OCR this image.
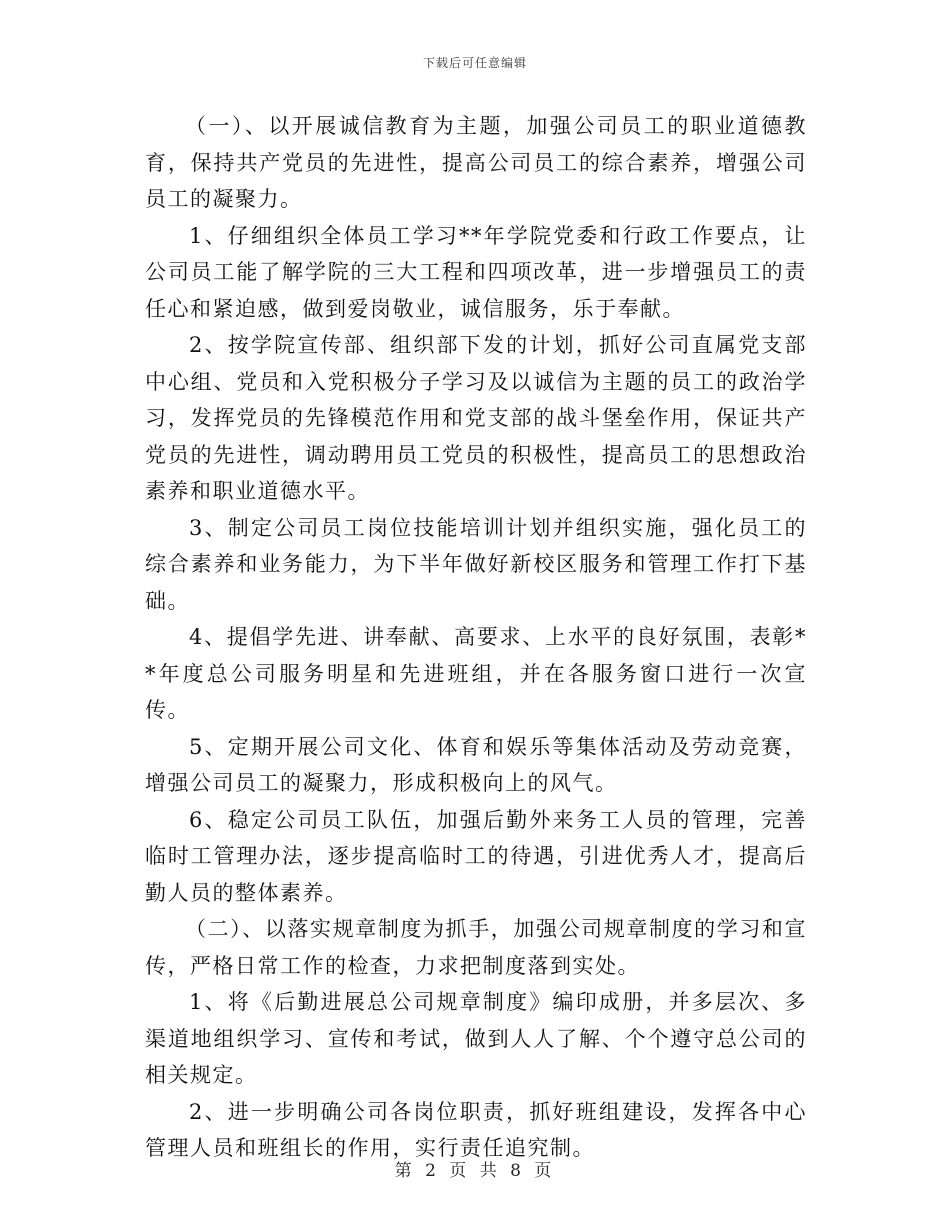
下载后可任意编辑

（一）、以开展诚信教育为主题，加强公司员工的职业道德教育，保持共产党员的先进性，提高公司员工的综合素养，增强公司员工的凝聚力。

1、仔细组织全体员工学习**年学院党委和行政工作要点，让公司员工能了解学院的三大工程和四项改革，进一步增强员工的责任心和紧迫感，做到爱岗敬业，诚信服务，乐于奉献。

2、按学院宣传部、组织部下发的计划，抓好公司直属党支部中心组、党员和入党积极分子学习及以诚信为主题的员工的政治学习，发挥党员的先锋模范作用和党支部的战斗堡垒作用，保证共产党员的先进性，调动聘用员工党员的积极性，提高员工的思想政治素养和职业道德水平。

3、制定公司员工岗位技能培训计划并组织实施，强化员工的综合素养和业务能力，为下半年做好新校区服务和管理工作打下基础。

4、提倡学先进、讲奉献、高要求、上水平的良好氛围，表彰**年度总公司服务明星和先进班组，并在各服务窗口进行一次宣传。

5、定期开展公司文化、体育和娱乐等集体活动及劳动竞赛，增强公司员工的凝聚力，形成积极向上的风气。

6、稳定公司员工队伍，加强后勤外来务工人员的管理，完善临时工管理办法，逐步提高临时工的待遇，引进优秀人才，提高后勤人员的整体素养。

（二）、以落实规章制度为抓手，加强公司规章制度的学习和宣传，严格日常工作的检查，力求把制度落到实处。

1、将《后勤进展总公司规章制度》编印成册，并多层次、多渠道地组织学习、宣传和考试，做到人人了解、个个遵守总公司的相关规定。

2、进一步明确公司各岗位职责，抓好班组建设，发挥各中心管理人员和班组长的作用，实行责任追究制。

第 2 页 共 8 页
